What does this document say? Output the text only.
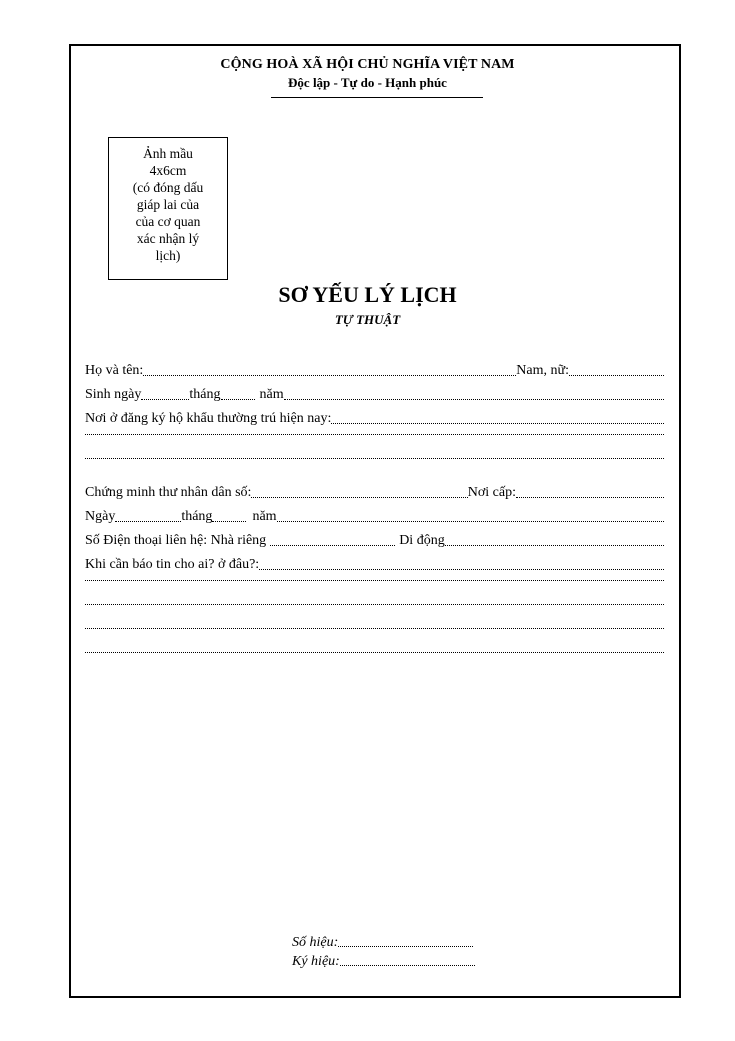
CỘNG HOÀ XÃ HỘI CHỦ NGHĨA VIỆT NAM
Độc lập - Tự do - Hạnh phúc
Ảnh mầu
4x6cm
(có đóng dấu
giáp lai của
của cơ quan
xác nhận lý
lịch)
SƠ YẾU LÝ LỊCH
TỰ THUẬT
Họ và tên:	Nam, nữ:
Sinh ngày	tháng	năm
Nơi ở đăng ký hộ khẩu thường trú hiện nay:
Chứng minh thư nhân dân số:	Nơi cấp:
Ngày	tháng	năm
Số Điện thoại liên hệ: Nhà riêng	Di động
Khi cần báo tin cho ai? ở đâu?:
Số hiệu:
Ký hiệu:
